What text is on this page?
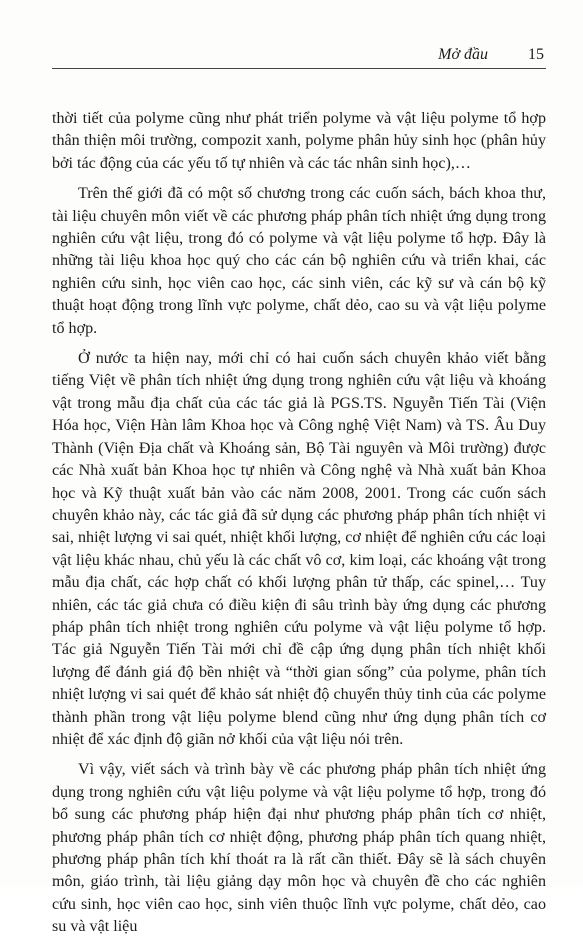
Mở đầu	15

thời tiết của polyme cũng như phát triển polyme và vật liệu polyme tổ hợp thân thiện môi trường, compozit xanh, polyme phân hủy sinh học (phân hủy bởi tác động của các yếu tố tự nhiên và các tác nhân sinh học),…

Trên thế giới đã có một số chương trong các cuốn sách, bách khoa thư, tài liệu chuyên môn viết về các phương pháp phân tích nhiệt ứng dụng trong nghiên cứu vật liệu, trong đó có polyme và vật liệu polyme tổ hợp. Đây là những tài liệu khoa học quý cho các cán bộ nghiên cứu và triển khai, các nghiên cứu sinh, học viên cao học, các sinh viên, các kỹ sư và cán bộ kỹ thuật hoạt động trong lĩnh vực polyme, chất dẻo, cao su và vật liệu polyme tổ hợp.

Ở nước ta hiện nay, mới chỉ có hai cuốn sách chuyên khảo viết bằng tiếng Việt về phân tích nhiệt ứng dụng trong nghiên cứu vật liệu và khoáng vật trong mẫu địa chất của các tác giả là PGS.TS. Nguyễn Tiến Tài (Viện Hóa học, Viện Hàn lâm Khoa học và Công nghệ Việt Nam) và TS. Âu Duy Thành (Viện Địa chất và Khoáng sản, Bộ Tài nguyên và Môi trường) được các Nhà xuất bản Khoa học tự nhiên và Công nghệ và Nhà xuất bản Khoa học và Kỹ thuật xuất bản vào các năm 2008, 2001. Trong các cuốn sách chuyên khảo này, các tác giả đã sử dụng các phương pháp phân tích nhiệt vi sai, nhiệt lượng vi sai quét, nhiệt khối lượng, cơ nhiệt để nghiên cứu các loại vật liệu khác nhau, chủ yếu là các chất vô cơ, kim loại, các khoáng vật trong mẫu địa chất, các hợp chất có khối lượng phân tử thấp, các spinel,… Tuy nhiên, các tác giả chưa có điều kiện đi sâu trình bày ứng dụng các phương pháp phân tích nhiệt trong nghiên cứu polyme và vật liệu polyme tổ hợp. Tác giả Nguyễn Tiến Tài mới chỉ đề cập ứng dụng phân tích nhiệt khối lượng để đánh giá độ bền nhiệt và “thời gian sống” của polyme, phân tích nhiệt lượng vi sai quét để khảo sát nhiệt độ chuyển thủy tinh của các polyme thành phần trong vật liệu polyme blend cũng như ứng dụng phân tích cơ nhiệt để xác định độ giãn nở khối của vật liệu nói trên.

Vì vậy, viết sách và trình bày về các phương pháp phân tích nhiệt ứng dụng trong nghiên cứu vật liệu polyme và vật liệu polyme tổ hợp, trong đó bổ sung các phương pháp hiện đại như phương pháp phân tích cơ nhiệt, phương pháp phân tích cơ nhiệt động, phương pháp phân tích quang nhiệt, phương pháp phân tích khí thoát ra là rất cần thiết. Đây sẽ là sách chuyên môn, giáo trình, tài liệu giảng dạy môn học và chuyên đề cho các nghiên cứu sinh, học viên cao học, sinh viên thuộc lĩnh vực polyme, chất dẻo, cao su và vật liệu
